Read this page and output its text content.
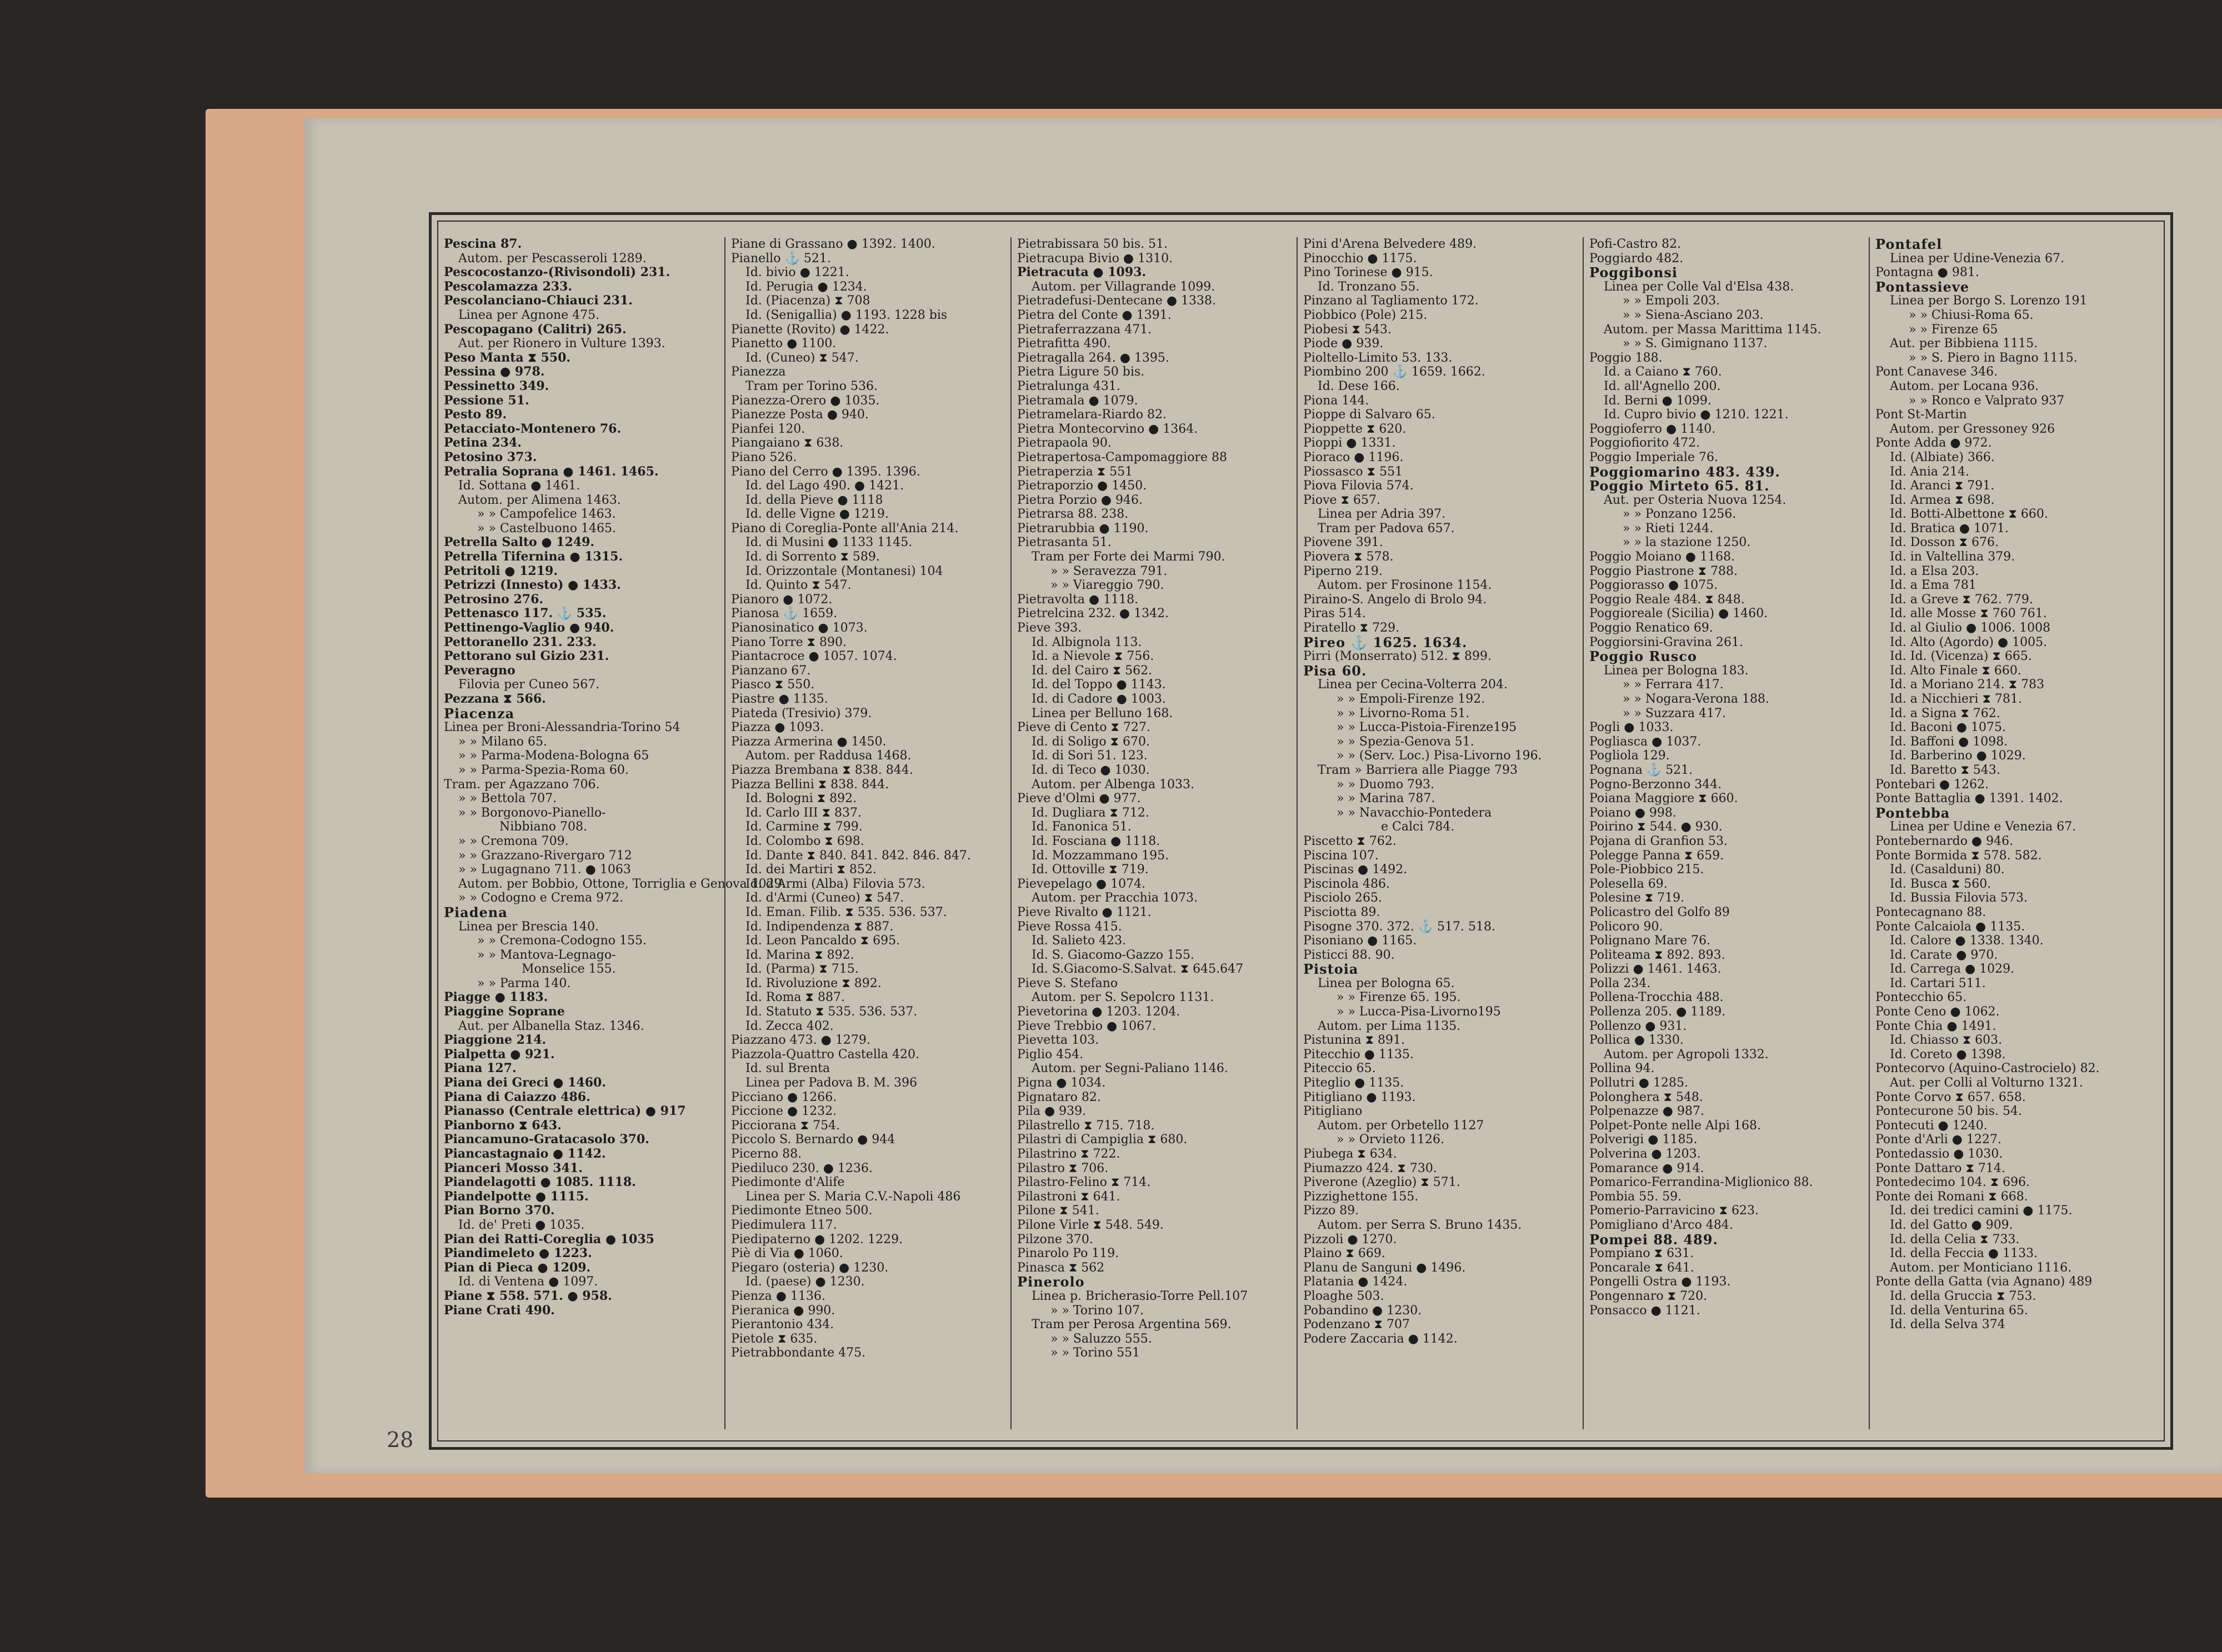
Pescina 87.
Autom. per Pescasseroli 1289.
Pescocostanzo-(Rivisondoli) 231.
Pescolamazza 233.
Pescolanciano-Chiauci 231.
Linea per Agnone 475.
Pescopagano (Calitri) 265.
Aut. per Rionero in Vulture 1393.
Peso Manta ⧗ 550.
Pessina ● 978.
Pessinetto 349.
Pessione 51.
Pesto 89.
Petacciato-Montenero 76.
Petina 234.
Petosino 373.
Petralia Soprana ● 1461. 1465.
Id. Sottana ● 1461.
Autom. per Alimena 1463.
» » Campofelice 1463.
» » Castelbuono 1465.
Petrella Salto ● 1249.
Petrella Tifernina ● 1315.
Petritoli ● 1219.
Petrizzi (Innesto) ● 1433.
Petrosino 276.
Pettenasco 117. ⚓ 535.
Pettinengo-Vaglio ● 940.
Pettoranello 231. 233.
Pettorano sul Gizio 231.
Peveragno
Filovia per Cuneo 567.
Pezzana ⧗ 566.
Piacenza
Linea per Broni-Alessandria-Torino 54
» » Milano 65.
» » Parma-Modena-Bologna 65
» » Parma-Spezia-Roma 60.
Tram. per Agazzano 706.
» » Bettola 707.
» » Borgonovo-Pianello-
Nibbiano 708.
» » Cremona 709.
» » Grazzano-Rivergaro 712
» » Lugagnano 711. ● 1063
Autom. per Bobbio, Ottone, Torriglia e Genova 1029.
» » Codogno e Crema 972.
Piadena
Linea per Brescia 140.
» » Cremona-Codogno 155.
» » Mantova-Legnago-
Monselice 155.
» » Parma 140.
Piagge ● 1183.
Piaggine Soprane
Aut. per Albanella Staz. 1346.
Piaggione 214.
Pialpetta ● 921.
Piana 127.
Piana dei Greci ● 1460.
Piana di Caiazzo 486.
Pianasso (Centrale elettrica) ● 917
Pianborno ⧗ 643.
Piancamuno-Gratacasolo 370.
Piancastagnaio ● 1142.
Pianceri Mosso 341.
Piandelagotti ● 1085. 1118.
Piandelpotte ● 1115.
Pian Borno 370.
Id. de' Preti ● 1035.
Pian dei Ratti-Coreglia ● 1035
Piandimeleto ● 1223.
Pian di Pieca ● 1209.
Id. di Ventena ● 1097.
Piane ⧗ 558. 571. ● 958.
Piane Crati 490.
Piane di Grassano ● 1392. 1400.
Pianello ⚓ 521.
Id. bivio ● 1221.
Id. Perugia ● 1234.
Id. (Piacenza) ⧗ 708
Id. (Senigallia) ● 1193. 1228 bis
Pianette (Rovito) ● 1422.
Pianetto ● 1100.
Id. (Cuneo) ⧗ 547.
Pianezza
Tram per Torino 536.
Pianezza-Orero ● 1035.
Pianezze Posta ● 940.
Pianfei 120.
Piangaiano ⧗ 638.
Piano 526.
Piano del Cerro ● 1395. 1396.
Id. del Lago 490. ● 1421.
Id. della Pieve ● 1118
Id. delle Vigne ● 1219.
Piano di Coreglia-Ponte all'Ania 214.
Id. di Musini ● 1133 1145.
Id. di Sorrento ⧗ 589.
Id. Orizzontale (Montanesi) 104
Id. Quinto ⧗ 547.
Pianoro ● 1072.
Pianosa ⚓ 1659.
Pianosinatico ● 1073.
Piano Torre ⧗ 890.
Piantacroce ● 1057. 1074.
Pianzano 67.
Piasco ⧗ 550.
Piastre ● 1135.
Piateda (Tresivio) 379.
Piazza ● 1093.
Piazza Armerina ● 1450.
Autom. per Raddusa 1468.
Piazza Brembana ⧗ 838. 844.
Piazza Bellini ⧗ 838. 844.
Id. Bologni ⧗ 892.
Id. Carlo III ⧗ 837.
Id. Carmine ⧗ 799.
Id. Colombo ⧗ 698.
Id. Dante ⧗ 840. 841. 842. 846. 847.
Id. dei Martiri ⧗ 852.
Id. d'Armi (Alba) Filovia 573.
Id. d'Armi (Cuneo) ⧗ 547.
Id. Eman. Filib. ⧗ 535. 536. 537.
Id. Indipendenza ⧗ 887.
Id. Leon Pancaldo ⧗ 695.
Id. Marina ⧗ 892.
Id. (Parma) ⧗ 715.
Id. Rivoluzione ⧗ 892.
Id. Roma ⧗ 887.
Id. Statuto ⧗ 535. 536. 537.
Id. Zecca 402.
Piazzano 473. ● 1279.
Piazzola-Quattro Castella 420.
Id. sul Brenta
Linea per Padova B. M. 396
Picciano ● 1266.
Piccione ● 1232.
Picciorana ⧗ 754.
Piccolo S. Bernardo ● 944
Picerno 88.
Piediluco 230. ● 1236.
Piedimonte d'Alife
Linea per S. Maria C.V.-Napoli 486
Piedimonte Etneo 500.
Piedimulera 117.
Piedipaterno ● 1202. 1229.
Piè di Via ● 1060.
Piegaro (osteria) ● 1230.
Id. (paese) ● 1230.
Pienza ● 1136.
Pieranica ● 990.
Pierantonio 434.
Pietole ⧗ 635.
Pietrabbondante 475.
Pietrabissara 50 bis. 51.
Pietracupa Bivio ● 1310.
Pietracuta ● 1093.
Autom. per Villagrande 1099.
Pietradefusi-Dentecane ● 1338.
Pietra del Conte ● 1391.
Pietraferrazzana 471.
Pietrafitta 490.
Pietragalla 264. ● 1395.
Pietra Ligure 50 bis.
Pietralunga 431.
Pietramala ● 1079.
Pietramelara-Riardo 82.
Pietra Montecorvino ● 1364.
Pietrapaola 90.
Pietrapertosa-Campomaggiore 88
Pietraperzia ⧗ 551
Pietraporzio ● 1450.
Pietra Porzio ● 946.
Pietrarsa 88. 238.
Pietrarubbia ● 1190.
Pietrasanta 51.
Tram per Forte dei Marmi 790.
» » Seravezza 791.
» » Viareggio 790.
Pietravolta ● 1118.
Pietrelcina 232. ● 1342.
Pieve 393.
Id. Albignola 113.
Id. a Nievole ⧗ 756.
Id. del Cairo ⧗ 562.
Id. del Toppo ● 1143.
Id. di Cadore ● 1003.
Linea per Belluno 168.
Pieve di Cento ⧗ 727.
Id. di Soligo ⧗ 670.
Id. di Sori 51. 123.
Id. di Teco ● 1030.
Autom. per Albenga 1033.
Pieve d'Olmi ● 977.
Id. Dugliara ⧗ 712.
Id. Fanonica 51.
Id. Fosciana ● 1118.
Id. Mozzammano 195.
Id. Ottoville ⧗ 719.
Pievepelago ● 1074.
Autom. per Pracchia 1073.
Pieve Rivalto ● 1121.
Pieve Rossa 415.
Id. Salieto 423.
Id. S. Giacomo-Gazzo 155.
Id. S.Giacomo-S.Salvat. ⧗ 645.647
Pieve S. Stefano
Autom. per S. Sepolcro 1131.
Pievetorina ● 1203. 1204.
Pieve Trebbio ● 1067.
Pievetta 103.
Piglio 454.
Autom. per Segni-Paliano 1146.
Pigna ● 1034.
Pignataro 82.
Pila ● 939.
Pilastrello ⧗ 715. 718.
Pilastri di Campiglia ⧗ 680.
Pilastrino ⧗ 722.
Pilastro ⧗ 706.
Pilastro-Felino ⧗ 714.
Pilastroni ⧗ 641.
Pilone ⧗ 541.
Pilone Virle ⧗ 548. 549.
Pilzone 370.
Pinarolo Po 119.
Pinasca ⧗ 562
Pinerolo
Linea p. Bricherasio-Torre Pell.107
» » Torino 107.
Tram per Perosa Argentina 569.
» » Saluzzo 555.
» » Torino 551
Pini d'Arena Belvedere 489.
Pinocchio ● 1175.
Pino Torinese ● 915.
Id. Tronzano 55.
Pinzano al Tagliamento 172.
Piobbico (Pole) 215.
Piobesi ⧗ 543.
Piode ● 939.
Pioltello-Limito 53. 133.
Piombino 200 ⚓ 1659. 1662.
Id. Dese 166.
Piona 144.
Pioppe di Salvaro 65.
Pioppette ⧗ 620.
Pioppi ● 1331.
Pioraco ● 1196.
Piossasco ⧗ 551
Piova Filovia 574.
Piove ⧗ 657.
Linea per Adria 397.
Tram per Padova 657.
Piovene 391.
Piovera ⧗ 578.
Piperno 219.
Autom. per Frosinone 1154.
Piraino-S. Angelo di Brolo 94.
Piras 514.
Piratello ⧗ 729.
Pireo ⚓ 1625. 1634.
Pirri (Monserrato) 512. ⧗ 899.
Pisa 60.
Linea per Cecina-Volterra 204.
» » Empoli-Firenze 192.
» » Livorno-Roma 51.
» » Lucca-Pistoia-Firenze195
» » Spezia-Genova 51.
» » (Serv. Loc.) Pisa-Livorno 196.
Tram » Barriera alle Piagge 793
» » Duomo 793.
» » Marina 787.
» » Navacchio-Pontedera
e Calci 784.
Piscetto ⧗ 762.
Piscina 107.
Piscinas ● 1492.
Piscinola 486.
Pisciolo 265.
Pisciotta 89.
Pisogne 370. 372. ⚓ 517. 518.
Pisoniano ● 1165.
Pisticci 88. 90.
Pistoia
Linea per Bologna 65.
» » Firenze 65. 195.
» » Lucca-Pisa-Livorno195
Autom. per Lima 1135.
Pistunina ⧗ 891.
Pitecchio ● 1135.
Piteccio 65.
Piteglio ● 1135.
Pitigliano ● 1193.
Pitigliano
Autom. per Orbetello 1127
» » Orvieto 1126.
Piubega ⧗ 634.
Piumazzo 424. ⧗ 730.
Piverone (Azeglio) ⧗ 571.
Pizzighettone 155.
Pizzo 89.
Autom. per Serra S. Bruno 1435.
Pizzoli ● 1270.
Plaino ⧗ 669.
Planu de Sanguni ● 1496.
Platania ● 1424.
Ploaghe 503.
Pobandino ● 1230.
Podenzano ⧗ 707
Podere Zaccaria ● 1142.
Pofi-Castro 82.
Poggiardo 482.
Poggibonsi
Linea per Colle Val d'Elsa 438.
» » Empoli 203.
» » Siena-Asciano 203.
Autom. per Massa Marittima 1145.
» » S. Gimignano 1137.
Poggio 188.
Id. a Caiano ⧗ 760.
Id. all'Agnello 200.
Id. Berni ● 1099.
Id. Cupro bivio ● 1210. 1221.
Poggioferro ● 1140.
Poggiofiorito 472.
Poggio Imperiale 76.
Poggiomarino 483. 439.
Poggio Mirteto 65. 81.
Aut. per Osteria Nuova 1254.
» » Ponzano 1256.
» » Rieti 1244.
» » la stazione 1250.
Poggio Moiano ● 1168.
Poggio Piastrone ⧗ 788.
Poggiorasso ● 1075.
Poggio Reale 484. ⧗ 848.
Poggioreale (Sicilia) ● 1460.
Poggio Renatico 69.
Poggiorsini-Gravina 261.
Poggio Rusco
Linea per Bologna 183.
» » Ferrara 417.
» » Nogara-Verona 188.
» » Suzzara 417.
Pogli ● 1033.
Pogliasca ● 1037.
Pogliola 129.
Pognana ⚓ 521.
Pogno-Berzonno 344.
Poiana Maggiore ⧗ 660.
Poiano ● 998.
Poirino ⧗ 544. ● 930.
Pojana di Granfion 53.
Polegge Panna ⧗ 659.
Pole-Piobbico 215.
Polesella 69.
Polesine ⧗ 719.
Policastro del Golfo 89
Policoro 90.
Polignano Mare 76.
Politeama ⧗ 892. 893.
Polizzi ● 1461. 1463.
Polla 234.
Pollena-Trocchia 488.
Pollenza 205. ● 1189.
Pollenzo ● 931.
Pollica ● 1330.
Autom. per Agropoli 1332.
Pollina 94.
Pollutri ● 1285.
Polonghera ⧗ 548.
Polpenazze ● 987.
Polpet-Ponte nelle Alpi 168.
Polverigi ● 1185.
Polverina ● 1203.
Pomarance ● 914.
Pomarico-Ferrandina-Miglionico 88.
Pombia 55. 59.
Pomerio-Parravicino ⧗ 623.
Pomigliano d'Arco 484.
Pompei 88. 489.
Pompiano ⧗ 631.
Poncarale ⧗ 641.
Pongelli Ostra ● 1193.
Pongennaro ⧗ 720.
Ponsacco ● 1121.
Pontafel
Linea per Udine-Venezia 67.
Pontagna ● 981.
Pontassieve
Linea per Borgo S. Lorenzo 191
» » Chiusi-Roma 65.
» » Firenze 65
Aut. per Bibbiena 1115.
» » S. Piero in Bagno 1115.
Pont Canavese 346.
Autom. per Locana 936.
» » Ronco e Valprato 937
Pont St-Martin
Autom. per Gressoney 926
Ponte Adda ● 972.
Id. (Albiate) 366.
Id. Ania 214.
Id. Aranci ⧗ 791.
Id. Armea ⧗ 698.
Id. Botti-Albettone ⧗ 660.
Id. Bratica ● 1071.
Id. Dosson ⧗ 676.
Id. in Valtellina 379.
Id. a Elsa 203.
Id. a Ema 781
Id. a Greve ⧗ 762. 779.
Id. alle Mosse ⧗ 760 761.
Id. al Giulio ● 1006. 1008
Id. Alto (Agordo) ● 1005.
Id. Id. (Vicenza) ⧗ 665.
Id. Alto Finale ⧗ 660.
Id. a Moriano 214. ⧗ 783
Id. a Nicchieri ⧗ 781.
Id. a Signa ⧗ 762.
Id. Baconi ● 1075.
Id. Baffoni ● 1098.
Id. Barberino ● 1029.
Id. Baretto ⧗ 543.
Pontebari ● 1262.
Ponte Battaglia ● 1391. 1402.
Pontebba
Linea per Udine e Venezia 67.
Pontebernardo ● 946.
Ponte Bormida ⧗ 578. 582.
Id. (Casalduni) 80.
Id. Busca ⧗ 560.
Id. Bussia Filovia 573.
Pontecagnano 88.
Ponte Calcaiola ● 1135.
Id. Calore ● 1338. 1340.
Id. Carate ● 970.
Id. Carrega ● 1029.
Id. Cartari 511.
Pontecchio 65.
Ponte Ceno ● 1062.
Ponte Chia ● 1491.
Id. Chiasso ⧗ 603.
Id. Coreto ● 1398.
Pontecorvo (Aquino-Castrocielo) 82.
Aut. per Colli al Volturno 1321.
Ponte Corvo ⧗ 657. 658.
Pontecurone 50 bis. 54.
Pontecuti ● 1240.
Ponte d'Arli ● 1227.
Pontedassio ● 1030.
Ponte Dattaro ⧗ 714.
Pontedecimo 104. ⧗ 696.
Ponte dei Romani ⧗ 668.
Id. dei tredici camini ● 1175.
Id. del Gatto ● 909.
Id. della Celia ⧗ 733.
Id. della Feccia ● 1133.
Autom. per Monticiano 1116.
Ponte della Gatta (via Agnano) 489
Id. della Gruccia ⧗ 753.
Id. della Venturina 65.
Id. della Selva 374
28
